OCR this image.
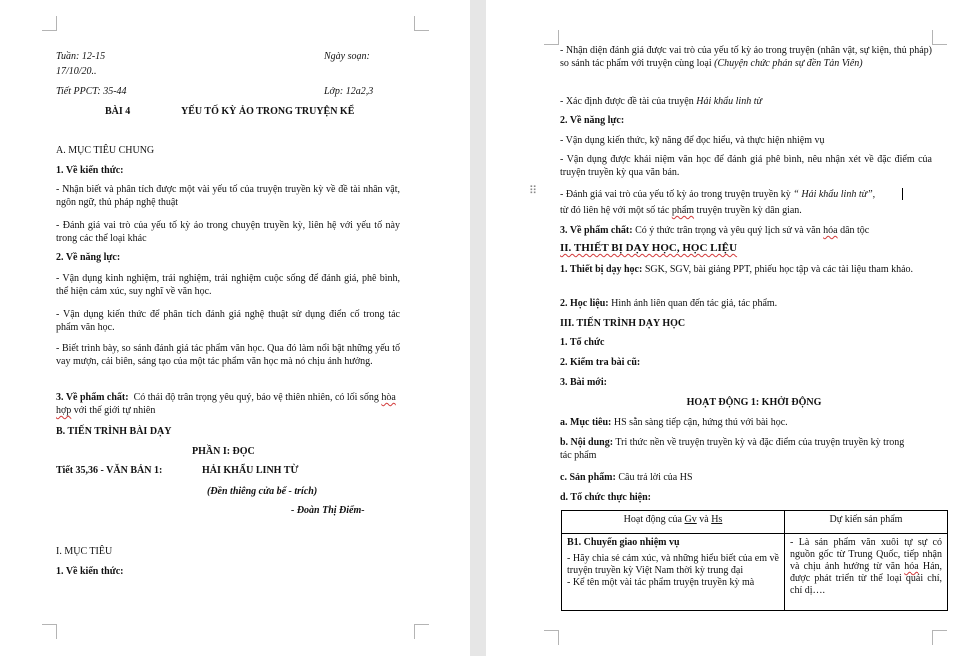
Tuần: 12-15	Ngày soạn:
17/10/20..
Tiết PPCT: 35-44	Lớp: 12a2,3
BÀI 4	YẾU TỐ KỲ ẢO TRONG TRUYỆN KỂ
A. MỤC TIÊU CHUNG
1. Về kiến thức:
- Nhận biết và phân tích được một vài yếu tố của truyện truyền kỳ về đề tài nhân vật, ngôn ngữ, thủ pháp nghệ thuật
- Đánh giá vai trò của yếu tố kỳ ảo trong chuyện truyền kỳ, liên hệ với yếu tố này trong các thể loại khác
2. Về năng lực:
- Vận dụng kinh nghiệm, trải nghiệm, trải nghiệm cuộc sống để đánh giá, phê bình, thể hiện cảm xúc, suy nghĩ về văn học.
- Vận dụng kiến thức để phân tích đánh giá nghệ thuật sử dụng điển cố trong tác phẩm văn học.
- Biết trình bày, so sánh đánh giá tác phẩm văn học. Qua đó làm nổi bật những yếu tố vay mượn, cải biên, sáng tạo của một tác phẩm văn học mà nó chịu ảnh hưởng.
3. Về phẩm chất: Có thái độ trân trọng yêu quý, bảo vệ thiên nhiên, có lối sống hòa hợp với thế giới tự nhiên
B. TIẾN TRÌNH BÀI DẠY
PHẦN I: ĐỌC
Tiết 35,36 - VĂN BẢN 1:	HẢI KHẨU LINH TỪ
(Đền thiêng cửa bể - trích)
- Đoàn Thị Điểm-
I. MỤC TIÊU
1. Về kiến thức:
- Nhận diện đánh giá được vai trò của yếu tố kỳ ảo trong truyện (nhân vật, sự kiện, thủ pháp) so sánh tác phẩm với truyện cùng loại (Chuyện chức phán sự đền Tản Viên)
- Xác định được đề tài của truyện Hải khẩu linh từ
2. Về năng lực:
- Vận dụng kiến thức, kỹ năng để đọc hiểu, và thực hiện nhiệm vụ
- Vận dụng được khái niệm văn học để đánh giá phê bình, nêu nhận xét về đặc điểm của truyện truyền kỳ qua văn bản.
⠿ - Đánh giá vai trò của yếu tố kỳ ảo trong truyện truyền kỳ “ Hải khẩu linh từ”,
từ đó liên hệ với một số tác phẩm truyện truyền kỳ dân gian.
3. Về phẩm chất: Có ý thức trân trọng và yêu quý lịch sử và văn hóa dân tộc
II. THIẾT BỊ DẠY HỌC, HỌC LIỆU
1. Thiết bị dạy học: SGK, SGV, bài giảng PPT, phiếu học tập và các tài liệu tham khảo.
2. Học liệu: Hình ảnh liên quan đến tác giả, tác phẩm.
III. TIẾN TRÌNH DẠY HỌC
1. Tổ chức
2. Kiểm tra bài cũ:
3. Bài mới:
HOẠT ĐỘNG 1: KHỞI ĐỘNG
a. Mục tiêu: HS sẵn sàng tiếp cận, hứng thú với bài học.
b. Nội dung: Tri thức nền về truyện truyền kỳ và đặc điểm của truyện truyền kỳ trong tác phẩm
c. Sản phẩm: Câu trả lời của HS
d. Tổ chức thực hiện:
Hoạt động của Gv và Hs	Dự kiến sản phẩm

B1. Chuyển giao nhiệm vụ
- Hãy chia sẻ cảm xúc, và những hiểu biết của em về truyện truyền kỳ Việt Nam thời kỳ trung đại
- Kể tên một vài tác phẩm truyện truyền kỳ mà	- Là sản phẩm văn xuôi tự sự có nguồn gốc từ Trung Quốc, tiếp nhận và chịu ảnh hưởng từ văn hóa Hán, được phát triển từ thể loại quái chí, chí dị….
